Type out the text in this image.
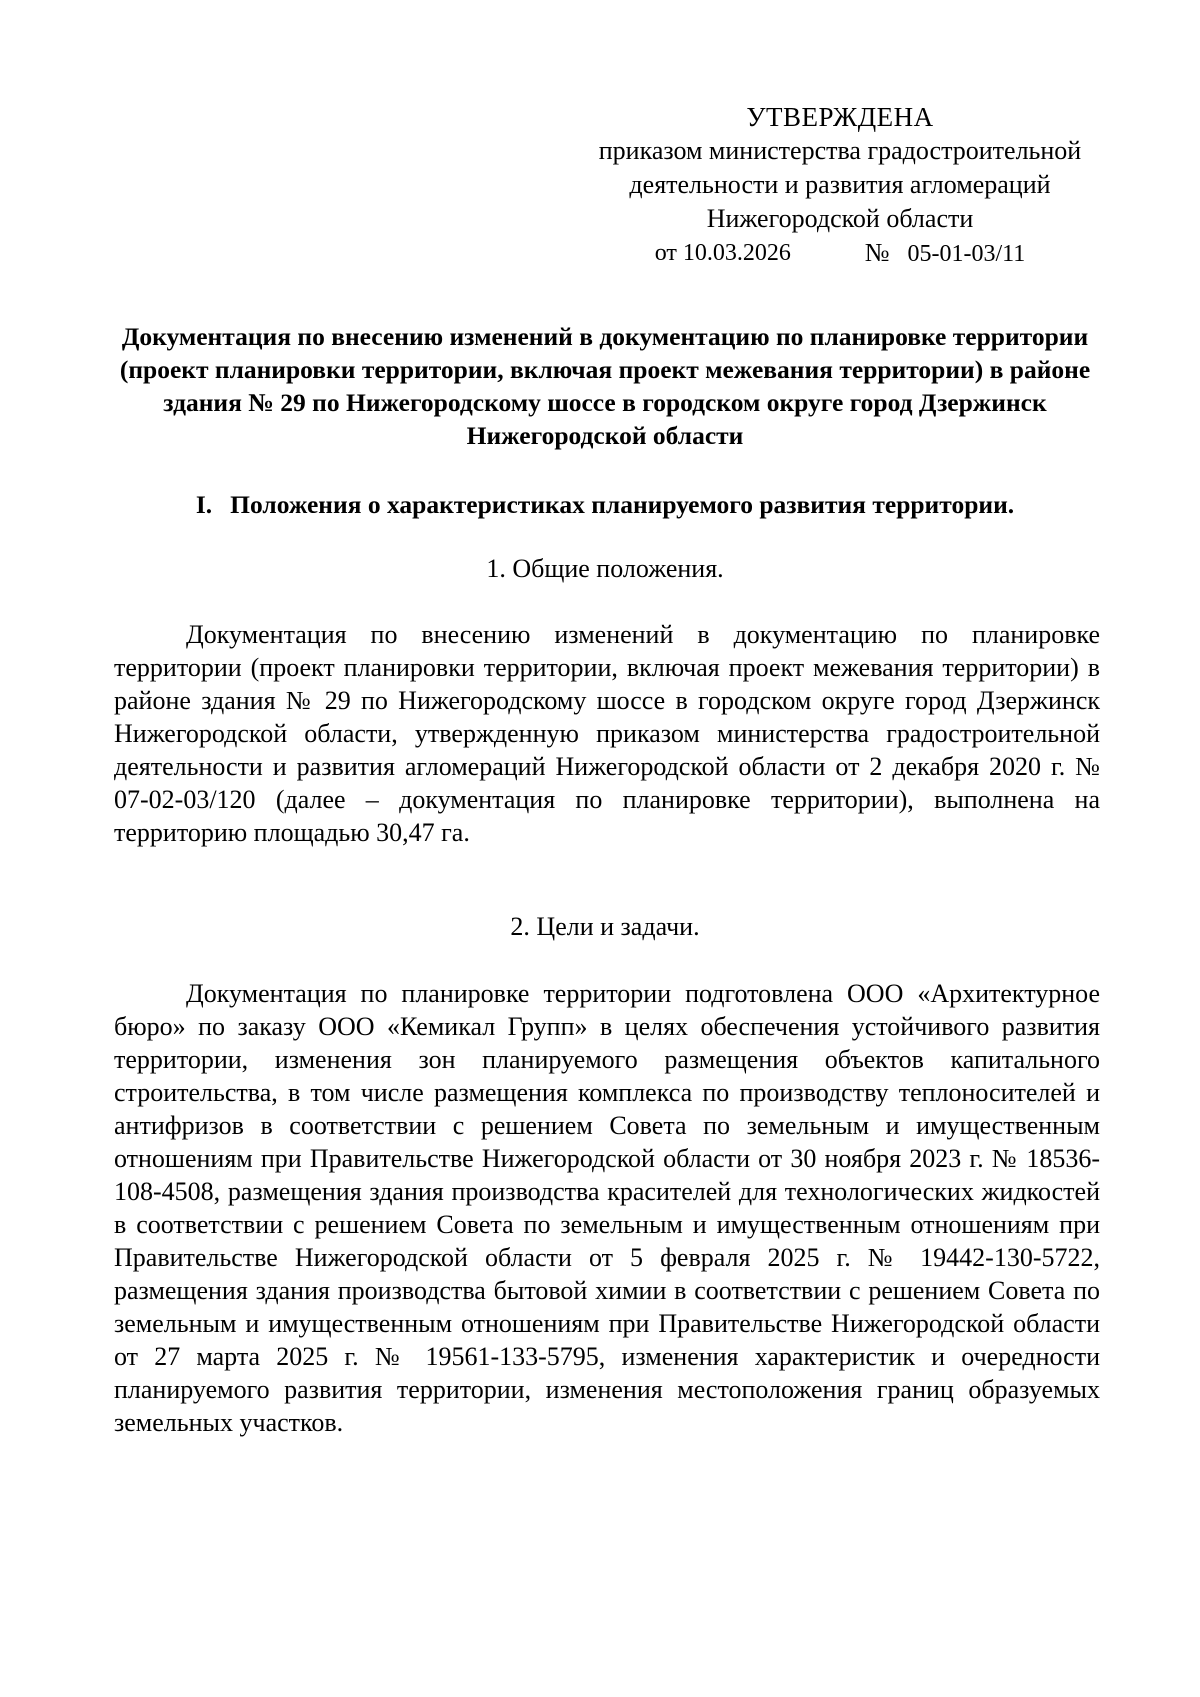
УТВЕРЖДЕНА
приказом министерства градостроительной
деятельности и развития агломераций
Нижегородской области
от 10.03.2026	№ 05-01-03/11
Документация по внесению изменений в документацию по планировке территории (проект планировки территории, включая проект межевания территории) в районе здания № 29 по Нижегородскому шоссе в городском округе город Дзержинск Нижегородской области
I. Положения о характеристиках планируемого развития территории.
1. Общие положения.

Документация по внесению изменений в документацию по планировке территории (проект планировки территории, включая проект межевания территории) в районе здания № 29 по Нижегородскому шоссе в городском округе город Дзержинск Нижегородской области, утвержденную приказом министерства градостроительной деятельности и развития агломераций Нижегородской области от 2 декабря 2020 г. № 07-02-03/120 (далее – документация по планировке территории), выполнена на территорию площадью 30,47 га.

2. Цели и задачи.

Документация по планировке территории подготовлена ООО «Архитектурное бюро» по заказу ООО «Кемикал Групп» в целях обеспечения устойчивого развития территории, изменения зон планируемого размещения объектов капитального строительства, в том числе размещения комплекса по производству теплоносителей и антифризов в соответствии с решением Совета по земельным и имущественным отношениям при Правительстве Нижегородской области от 30 ноября 2023 г. № 18536-108-4508, размещения здания производства красителей для технологических жидкостей в соответствии с решением Совета по земельным и имущественным отношениям при Правительстве Нижегородской области от 5 февраля 2025 г. № 19442-130-5722, размещения здания производства бытовой химии в соответствии с решением Совета по земельным и имущественным отношениям при Правительстве Нижегородской области от 27 марта 2025 г. № 19561-133-5795, изменения характеристик и очередности планируемого развития территории, изменения местоположения границ образуемых земельных участков.
